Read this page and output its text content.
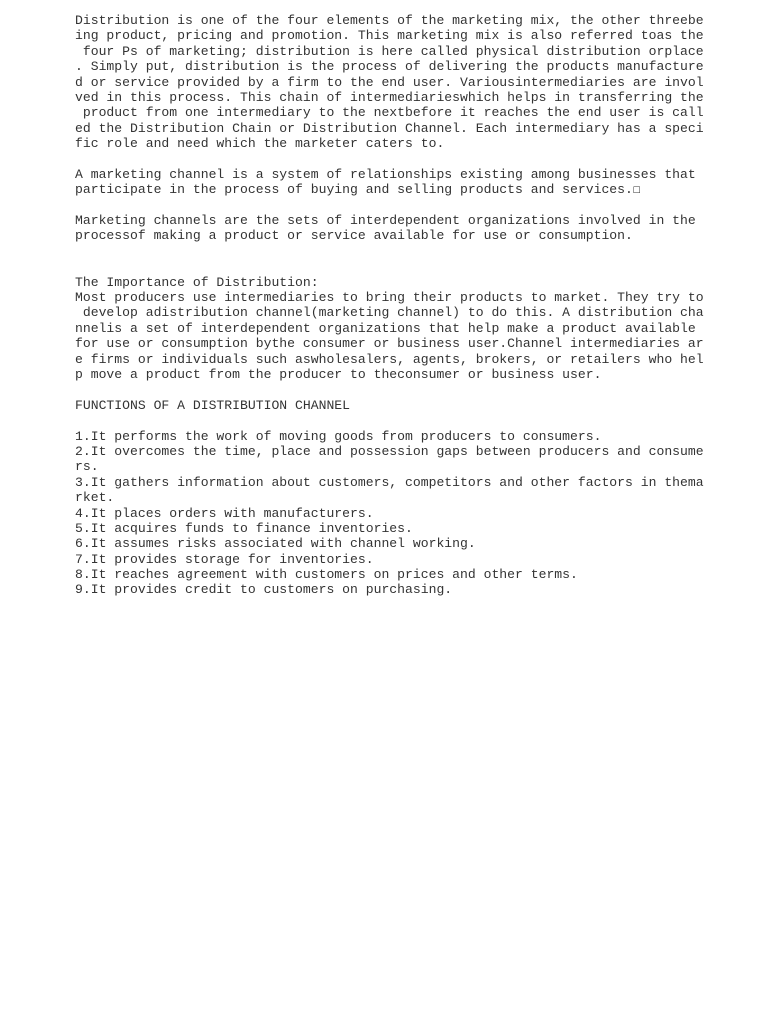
Distribution is one of the four elements of the marketing mix, the other threebe
ing product, pricing and promotion. This marketing mix is also referred toas the
four Ps of marketing; distribution is here called physical distribution orplace
. Simply put, distribution is the process of delivering the products manufacture
d or service provided by a firm to the end user. Variousintermediaries are invol
ved in this process. This chain of intermediarieswhich helps in transferring the
product from one intermediary to the nextbefore it reaches the end user is call
ed the Distribution Chain or Distribution Channel. Each intermediary has a speci
fic role and need which the marketer caters to.
A marketing channel is a system of relationships existing among businesses that
participate in the process of buying and selling products and services.☐
Marketing channels are the sets of interdependent organizations involved in the
processof making a product or service available for use or consumption.
The Importance of Distribution:
Most producers use intermediaries to bring their products to market. They try to
develop adistribution channel(marketing channel) to do this. A distribution cha
nnelis a set of interdependent organizations that help make a product available
for use or consumption bythe consumer or business user.Channel intermediaries ar
e firms or individuals such aswholesalers, agents, brokers, or retailers who hel
p move a product from the producer to theconsumer or business user.
FUNCTIONS OF A DISTRIBUTION CHANNEL
1.It performs the work of moving goods from producers to consumers.
2.It overcomes the time, place and possession gaps between producers and consume
rs.
3.It gathers information about customers, competitors and other factors in thema
rket.
4.It places orders with manufacturers.
5.It acquires funds to finance inventories.
6.It assumes risks associated with channel working.
7.It provides storage for inventories.
8.It reaches agreement with customers on prices and other terms.
9.It provides credit to customers on purchasing.
